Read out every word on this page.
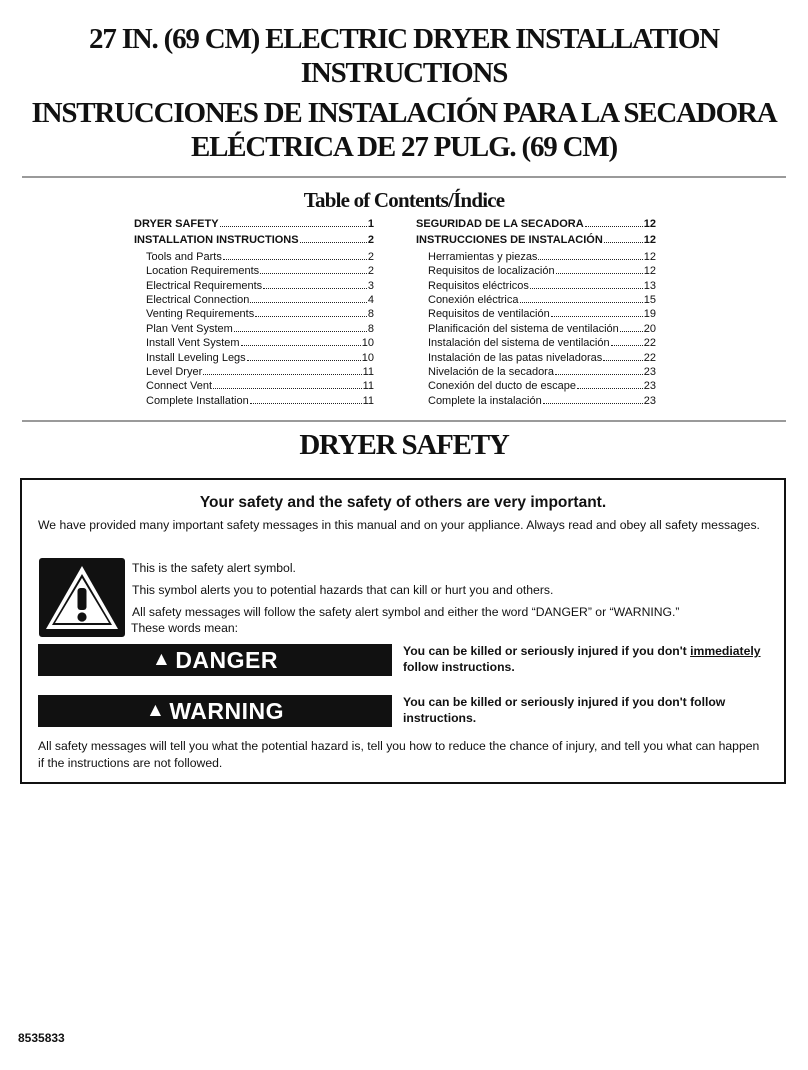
27 IN. (69 CM) ELECTRIC DRYER INSTALLATION

INSTRUCTIONS

INSTRUCCIONES DE INSTALACIÓN PARA LA SECADORA

ELÉCTRICA DE 27 PULG. (69 CM)

Table of Contents/Índice
DRYER SAFETY	1
INSTALLATION INSTRUCTIONS	2
Tools and Parts	2
Location Requirements	2
Electrical Requirements	3
Electrical Connection	4
Venting Requirements	8
Plan Vent System	8
Install Vent System	10
Install Leveling Legs	10
Level Dryer	11
Connect Vent	11
Complete Installation	11
SEGURIDAD DE LA SECADORA	12
INSTRUCCIONES DE INSTALACIÓN	12
Herramientas y piezas	12
Requisitos de localización	12
Requisitos eléctricos	13
Conexión eléctrica	15
Requisitos de ventilación	19
Planificación del sistema de ventilación 20
Instalación del sistema de ventilación	22
Instalación de las patas niveladoras	22
Nivelación de la secadora	23
Conexión del ducto de escape	23
Complete la instalación	23
DRYER SAFETY
Your safety and the safety of others are very important.
We have provided many important safety messages in this manual and on your appliance. Always read and obey all safety messages.

This is the safety alert symbol.

This symbol alerts you to potential hazards that can kill or hurt you and others.

All safety messages will follow the safety alert symbol and either the word “DANGER” or “WARNING.”

These words mean:

▲ DANGER	You can be killed or seriously injured if you don't immediately
follow instructions.
▲ WARNING	You can be killed or seriously injured if you don't follow instructions.
All safety messages will tell you what the potential hazard is, tell you how to reduce the chance of injury, and tell you what can happen if the instructions are not followed.
8535833
